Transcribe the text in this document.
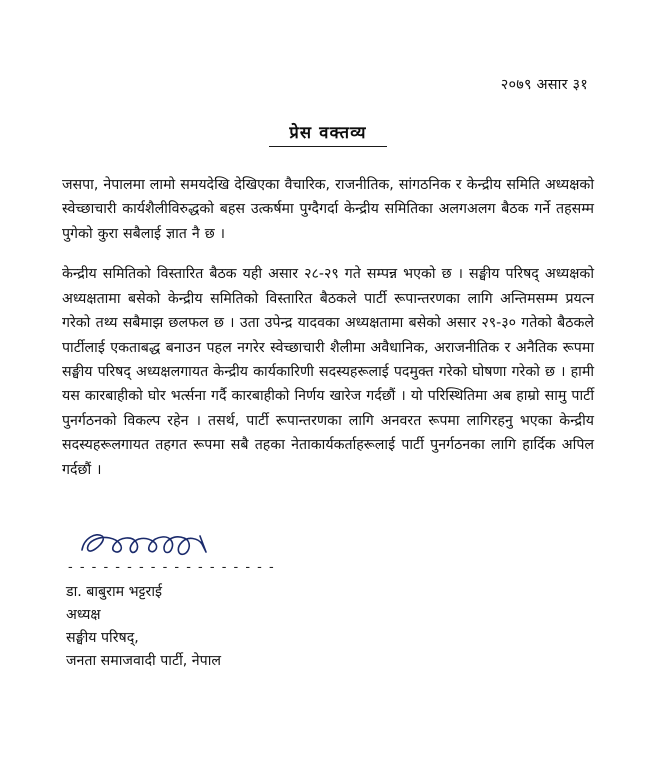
२०७९ असार ३१
प्रेस वक्तव्य

जसपा, नेपालमा लामो समयदेखि देखिएका वैचारिक, राजनीतिक, सांगठनिक र केन्द्रीय समिति अध्यक्षको स्वेच्छाचारी कार्यशैलीविरुद्धको बहस उत्कर्षमा पुग्दैगर्दा केन्द्रीय समितिका अलगअलग बैठक गर्ने तहसम्म पुगेको कुरा सबैलाई ज्ञात नै छ ।

केन्द्रीय समितिको विस्तारित बैठक यही असार २८-२९ गते सम्पन्न भएको छ । सङ्घीय परिषद् अध्यक्षको अध्यक्षतामा बसेको केन्द्रीय समितिको विस्तारित बैठकले पार्टी रूपान्तरणका लागि अन्तिमसम्म प्रयत्न गरेको तथ्य सबैमाझ छलफल छ । उता उपेन्द्र यादवका अध्यक्षतामा बसेको असार २९-३० गतेको बैठकले पार्टीलाई एकताबद्ध बनाउन पहल नगरेर स्वेच्छाचारी शैलीमा अवैधानिक, अराजनीतिक र अनैतिक रूपमा सङ्घीय परिषद् अध्यक्षलगायत केन्द्रीय कार्यकारिणी सदस्यहरूलाई पदमुक्त गरेको घोषणा गरेको छ । हामी यस कारबाहीको घोर भर्त्सना गर्दै कारबाहीको निर्णय खारेज गर्दछौं । यो परिस्थितिमा अब हाम्रो सामु पार्टी पुनर्गठनको विकल्प रहेन । तसर्थ, पार्टी रूपान्तरणका लागि अनवरत रूपमा लागिरहनु भएका केन्द्रीय सदस्यहरूलगायत तहगत रूपमा सबै तहका नेताकार्यकर्ताहरूलाई पार्टी पुनर्गठनका लागि हार्दिक अपिल गर्दछौं ।

- - - - - - - - - - - - - - - - - -
डा. बाबुराम भट्टराई
अध्यक्ष
सङ्घीय परिषद्,
जनता समाजवादी पार्टी, नेपाल
